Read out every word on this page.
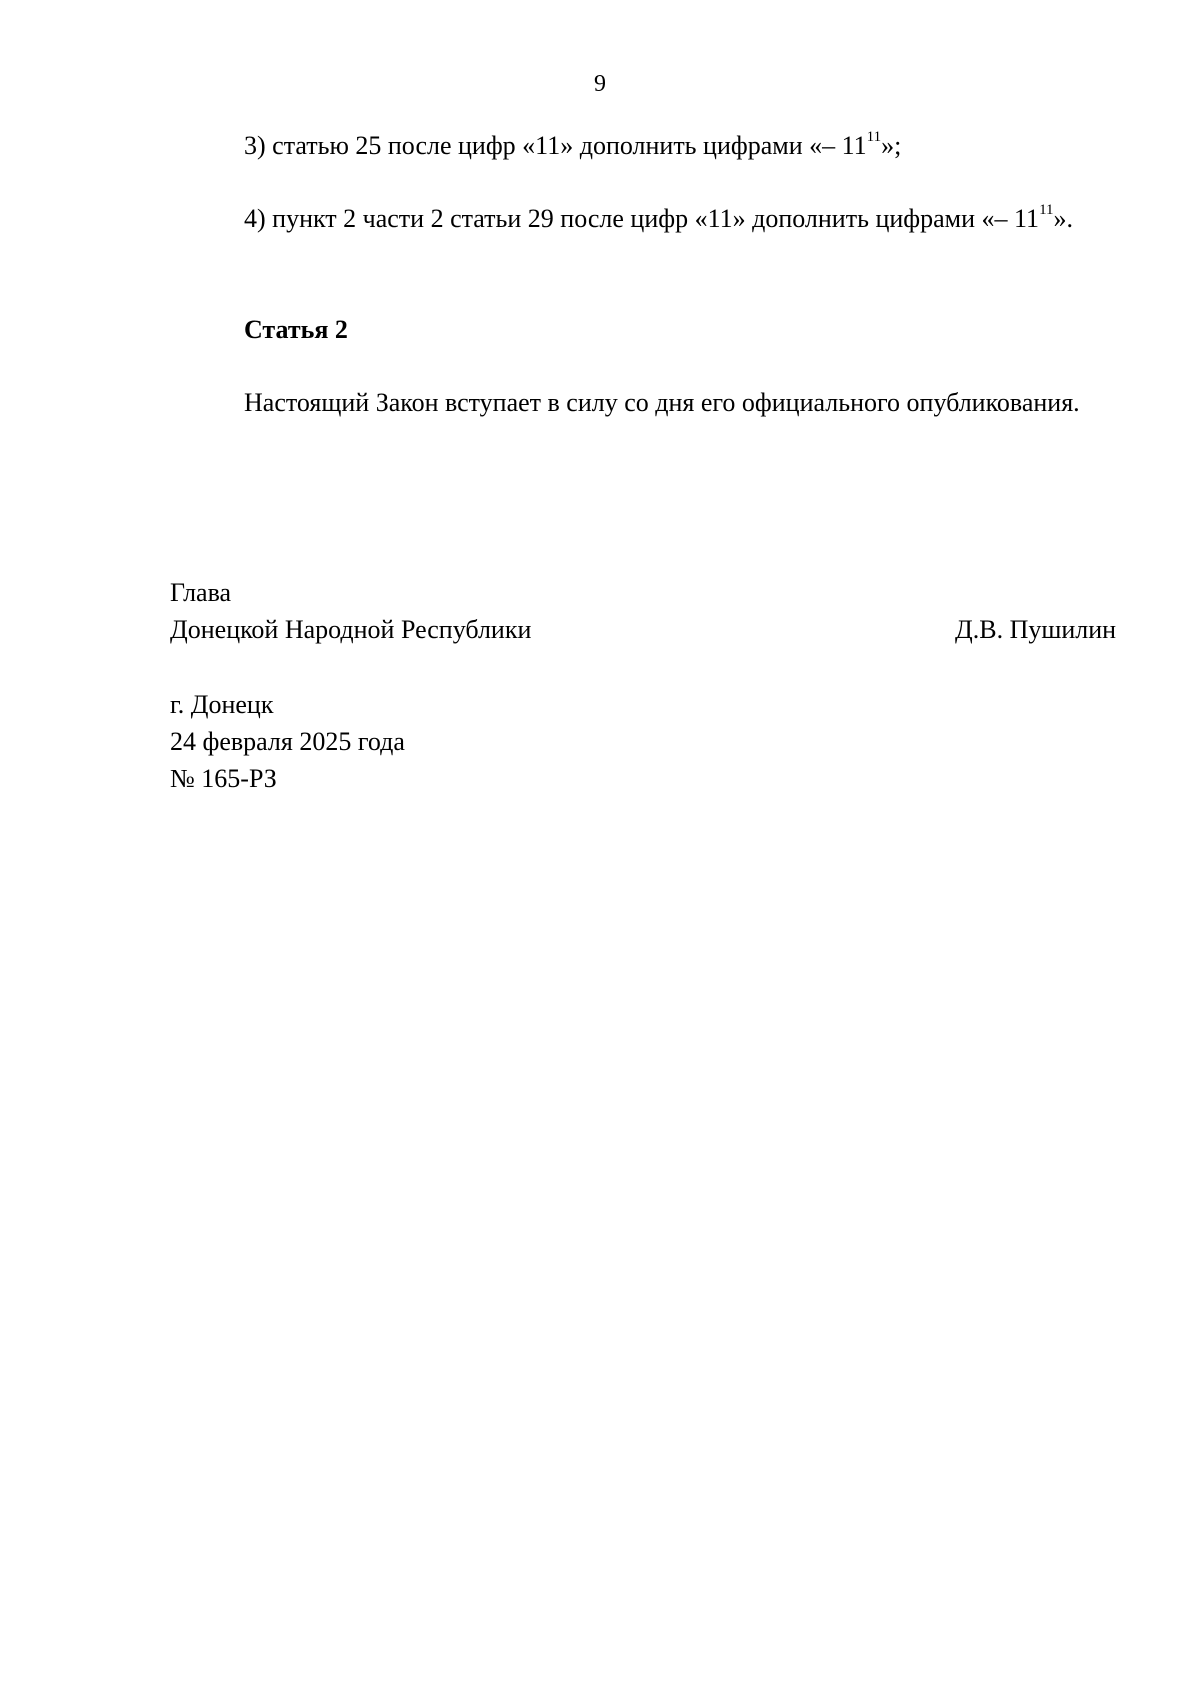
9

3) статью 25 после цифр «11» дополнить цифрами «– $11^{11}$»;

4) пункт 2 части 2 статьи 29 после цифр «11» дополнить цифрами «– $11^{11}$».

Статья 2

Настоящий Закон вступает в силу со дня его официального опубликования.

Глава
Донецкой Народной Республики	Д.В. Пушилин
г. Донецк
24 февраля 2025 года
№ 165-РЗ
